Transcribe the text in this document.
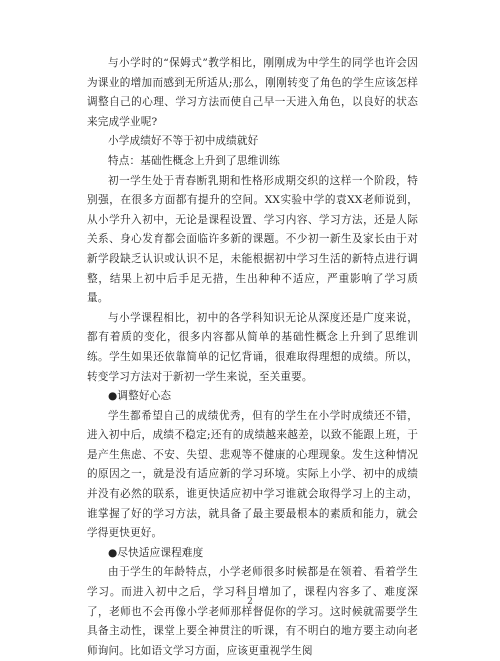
与小学时的“保姆式”教学相比，刚刚成为中学生的同学也许会因为课业的增加而感到无所适从;那么，刚刚转变了角色的学生应该怎样调整自己的心理、学习方法而使自己早一天进入角色，以良好的状态来完成学业呢?

小学成绩好不等于初中成绩就好

特点：基础性概念上升到了思维训练

初一学生处于青春断乳期和性格形成期交织的这样一个阶段，特别强，在很多方面都有提升的空间。XX实验中学的袁XX老师说到，从小学升入初中，无论是课程设置、学习内容、学习方法，还是人际关系、身心发育都会面临许多新的课题。不少初一新生及家长由于对新学段缺乏认识或认识不足，未能根据初中学习生活的新特点进行调整，结果上初中后手足无措，生出种种不适应，严重影响了学习质量。

与小学课程相比，初中的各学科知识无论从深度还是广度来说，都有着质的变化，很多内容都从简单的基础性概念上升到了思维训练。学生如果还依靠简单的记忆背诵，很难取得理想的成绩。所以，转变学习方法对于新初一学生来说，至关重要。

●调整好心态

学生都希望自己的成绩优秀，但有的学生在小学时成绩还不错，进入初中后，成绩不稳定;还有的成绩越来越差，以致不能跟上班，于是产生焦虑、不安、失望、悲观等不健康的心理现象。发生这种情况的原因之一，就是没有适应新的学习环境。实际上小学、初中的成绩并没有必然的联系，谁更快适应初中学习谁就会取得学习上的主动，谁掌握了好的学习方法，就具备了最主要最根本的素质和能力，就会学得更快更好。

●尽快适应课程难度

由于学生的年龄特点，小学老师很多时候都是在领着、看着学生学习。而进入初中之后，学习科目增加了，课程内容多了、难度深了，老师也不会再像小学老师那样督促你的学习。这时候就需要学生具备主动性，课堂上要全神贯注的听课，有不明白的地方要主动向老师询问。比如语文学习方面，应该更重视学生阅

2
